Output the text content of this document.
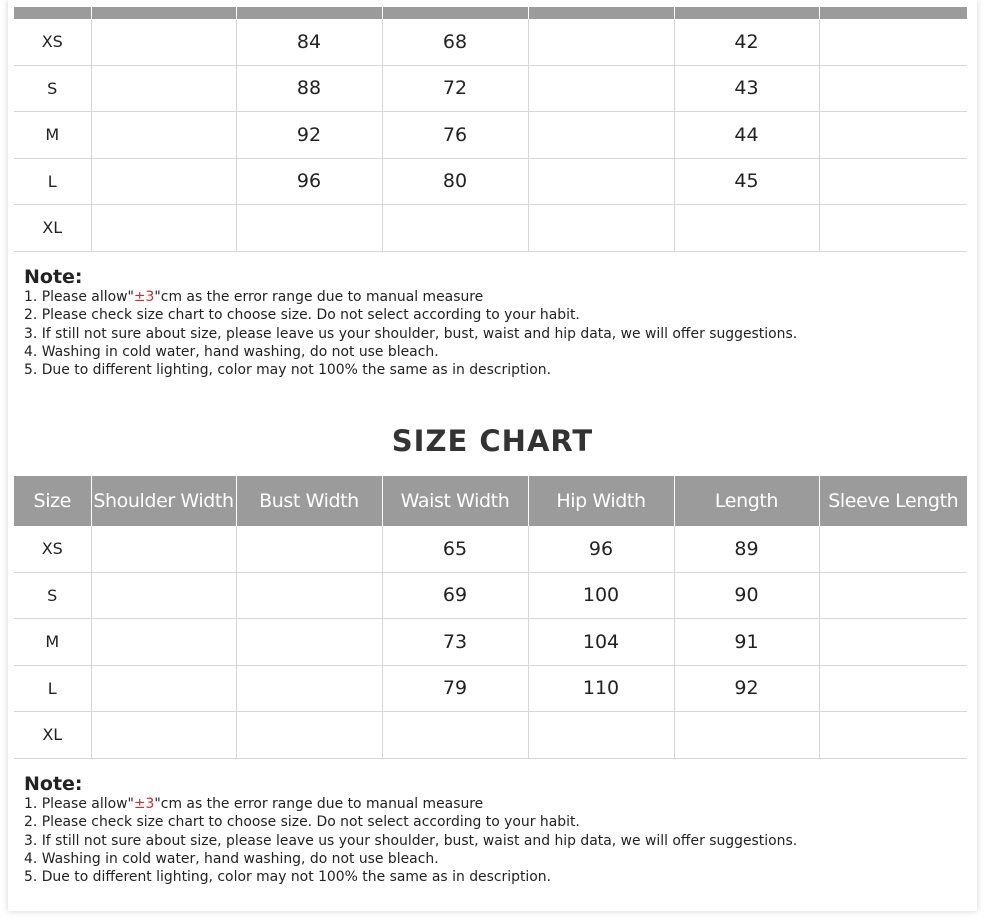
XS		84	68		42	
S		88	72		43	
M		92	76		44	
L		96	80		45	
XL						

Note:

1. Please allow"±3"cm as the error range due to manual measure

2. Please check size chart to choose size. Do not select according to your habit.

3. If still not sure about size, please leave us your shoulder, bust, waist and hip data, we will offer suggestions.

4. Washing in cold water, hand washing, do not use bleach.

5. Due to different lighting, color may not 100% the same as in description.

SIZE CHART
Size	Shoulder Width	Bust Width	Waist Width	Hip Width	Length	Sleeve Length
XS			65	96	89	
S			69	100	90	
M			73	104	91	
L			79	110	92	
XL						

Note:

1. Please allow"±3"cm as the error range due to manual measure

2. Please check size chart to choose size. Do not select according to your habit.

3. If still not sure about size, please leave us your shoulder, bust, waist and hip data, we will offer suggestions.

4. Washing in cold water, hand washing, do not use bleach.

5. Due to different lighting, color may not 100% the same as in description.
